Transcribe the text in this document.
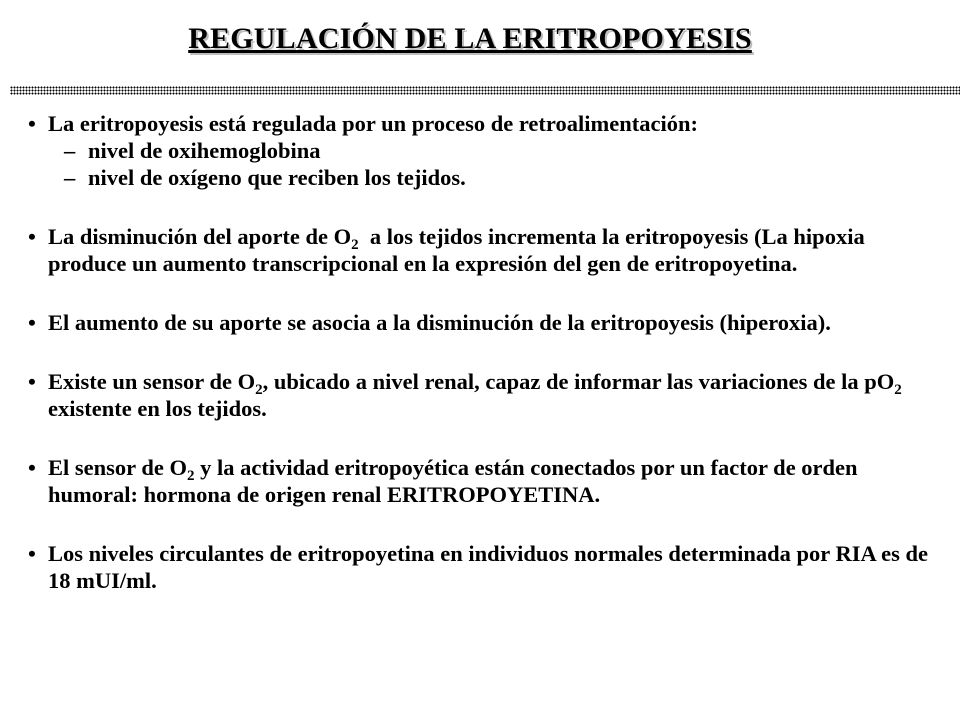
REGULACIÓN DE LA ERITROPOYESIS
• La eritropoyesis está regulada por un proceso de retroalimentación:
– nivel de oxihemoglobina
– nivel de oxígeno que reciben los tejidos.
• La disminución del aporte de $O_2$  a los tejidos incrementa la eritropoyesis (La hipoxia produce un aumento transcripcional en la expresión del gen de eritropoyetina.
• El aumento de su aporte se asocia a la disminución de la eritropoyesis (hiperoxia).
• Existe un sensor de $O_2$, ubicado a nivel renal, capaz de informar las variaciones de la $pO_2$  existente en los tejidos.
• El sensor de $O_2$ y la actividad eritropoyética están conectados por un factor de orden humoral: hormona de origen renal ERITROPOYETINA.
• Los niveles circulantes de eritropoyetina en individuos normales determinada por RIA es de 18 mUI/ml.
